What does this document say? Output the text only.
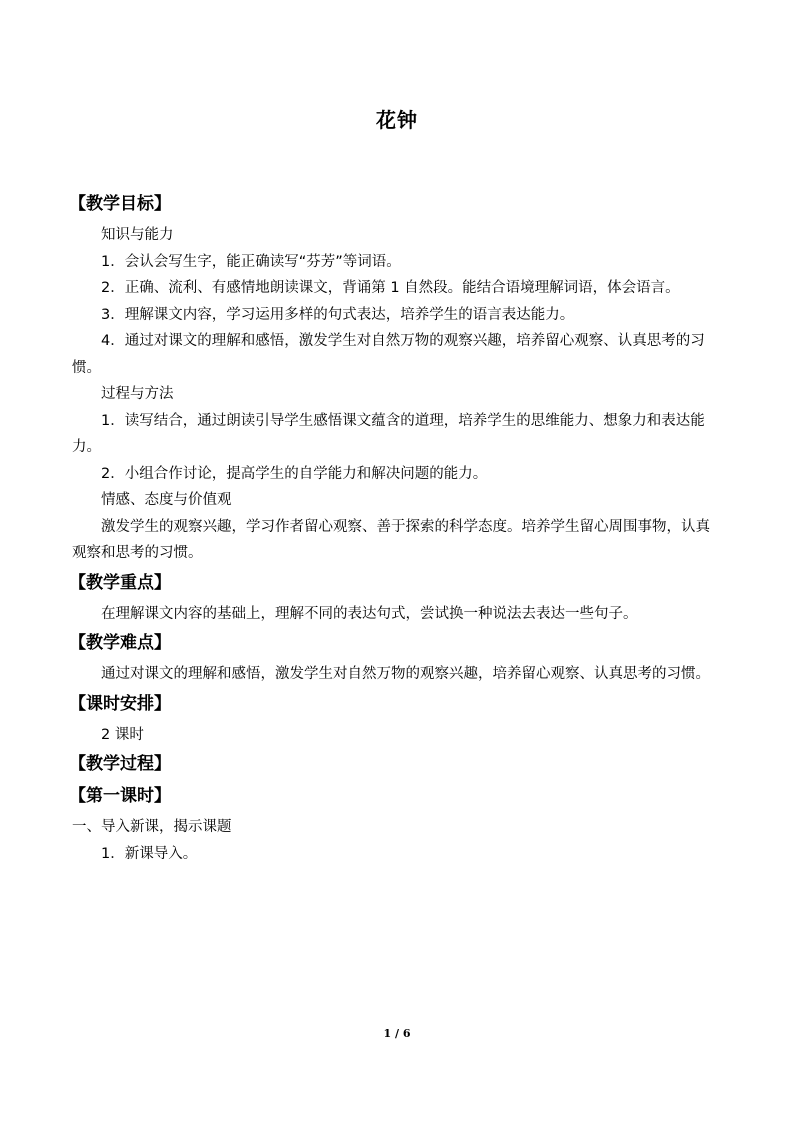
花钟
【教学目标】
知识与能力
1．会认会写生字，能正确读写“芬芳”等词语。
2．正确、流利、有感情地朗读课文，背诵第 1 自然段。能结合语境理解词语，体会语言。
3．理解课文内容，学习运用多样的句式表达，培养学生的语言表达能力。
4．通过对课文的理解和感悟，激发学生对自然万物的观察兴趣，培养留心观察、认真思考的习惯。
过程与方法
1．读写结合，通过朗读引导学生感悟课文蕴含的道理，培养学生的思维能力、想象力和表达能力。
2．小组合作讨论，提高学生的自学能力和解决问题的能力。
情感、态度与价值观
激发学生的观察兴趣，学习作者留心观察、善于探索的科学态度。培养学生留心周围事物，认真观察和思考的习惯。
【教学重点】
在理解课文内容的基础上，理解不同的表达句式，尝试换一种说法去表达一些句子。
【教学难点】
通过对课文的理解和感悟，激发学生对自然万物的观察兴趣，培养留心观察、认真思考的习惯。
【课时安排】
2 课时
【教学过程】
【第一课时】
一、导入新课，揭示课题
1．新课导入。
1 / 6
